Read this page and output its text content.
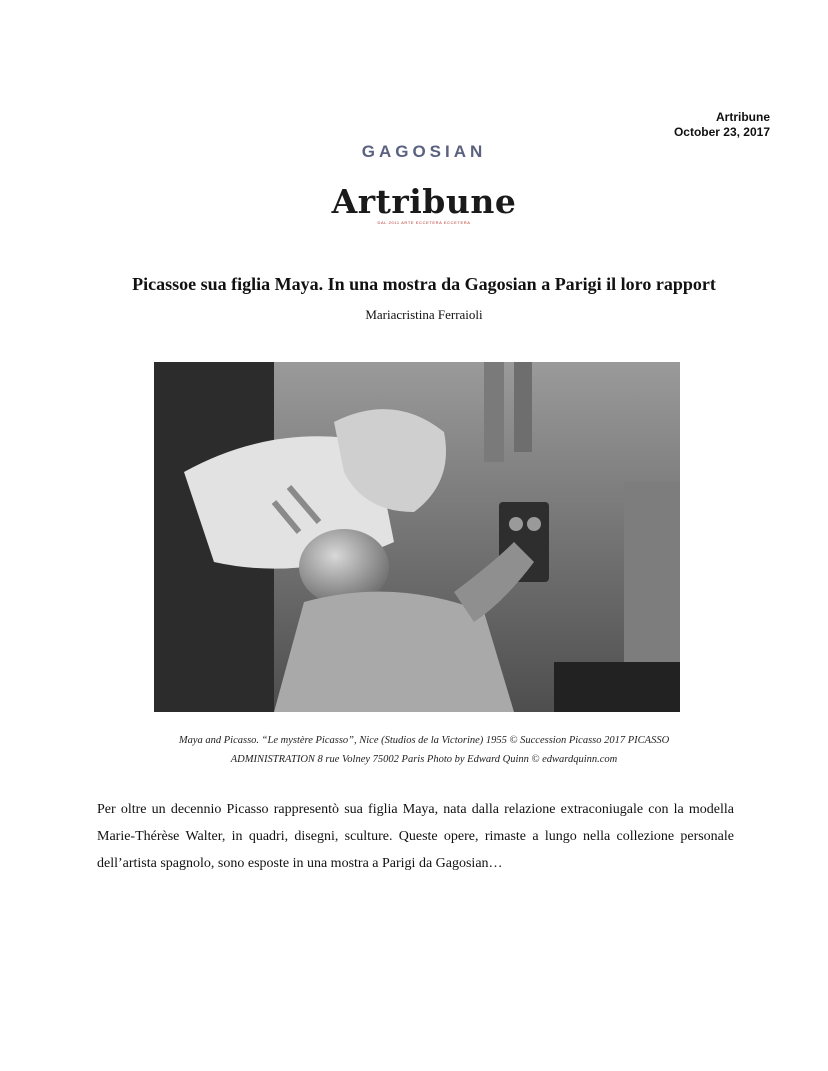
Artribune
October 23, 2017
GAGOSIAN
Artribune
DAL 2011 ARTE ECCETERA ECCETERA
Picassoe sua figlia Maya. In una mostra da Gagosian a Parigi il loro rapport
Mariacristina Ferraioli
Maya and Picasso. “Le mystère Picasso”, Nice (Studios de la Victorine) 1955 © Succession Picasso 2017 PICASSO
ADMINISTRATION 8 rue Volney 75002 Paris Photo by Edward Quinn © edwardquinn.com

Per oltre un decennio Picasso rappresentò sua figlia Maya, nata dalla relazione extraconiugale con la modella Marie-Thérèse Walter, in quadri, disegni, sculture. Queste opere, rimaste a lungo nella collezione personale dell’artista spagnolo, sono esposte in una mostra a Parigi da Gagosian…
